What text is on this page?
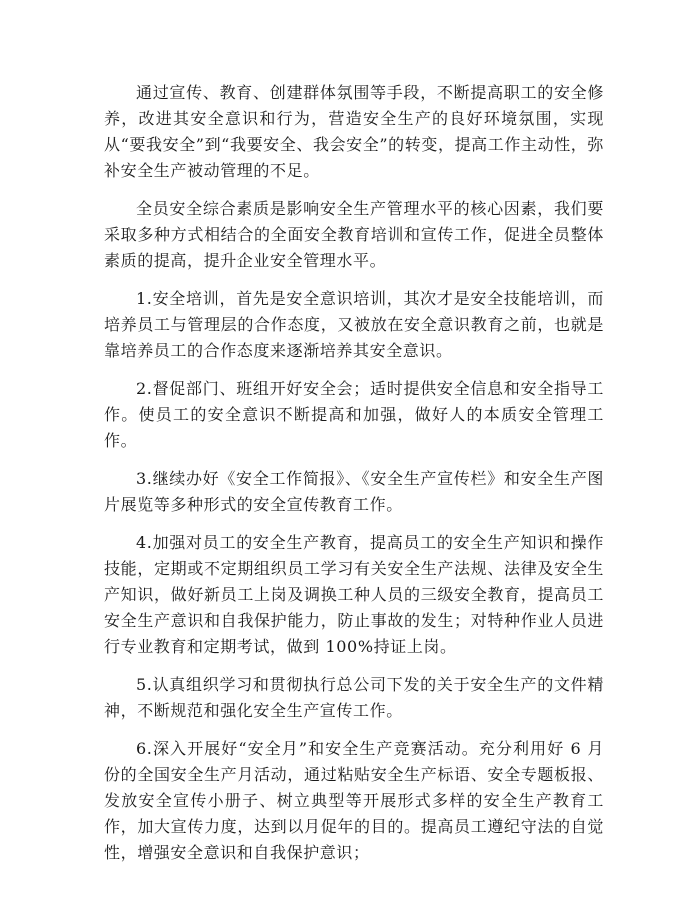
通过宣传、教育、创建群体氛围等手段，不断提高职工的安全修养，改进其安全意识和行为，营造安全生产的良好环境氛围，实现从“要我安全”到“我要安全、我会安全”的转变，提高工作主动性，弥补安全生产被动管理的不足。

全员安全综合素质是影响安全生产管理水平的核心因素，我们要采取多种方式相结合的全面安全教育培训和宣传工作，促进全员整体素质的提高，提升企业安全管理水平。

1.安全培训，首先是安全意识培训，其次才是安全技能培训，而培养员工与管理层的合作态度，又被放在安全意识教育之前，也就是靠培养员工的合作态度来逐渐培养其安全意识。

2.督促部门、班组开好安全会；适时提供安全信息和安全指导工作。使员工的安全意识不断提高和加强，做好人的本质安全管理工作。

3.继续办好《安全工作简报》、《安全生产宣传栏》和安全生产图片展览等多种形式的安全宣传教育工作。

4.加强对员工的安全生产教育，提高员工的安全生产知识和操作技能，定期或不定期组织员工学习有关安全生产法规、法律及安全生产知识，做好新员工上岗及调换工种人员的三级安全教育，提高员工安全生产意识和自我保护能力，防止事故的发生；对特种作业人员进行专业教育和定期考试，做到 100%持证上岗。

5.认真组织学习和贯彻执行总公司下发的关于安全生产的文件精神，不断规范和强化安全生产宣传工作。

6.深入开展好“安全月”和安全生产竞赛活动。充分利用好 6 月份的全国安全生产月活动，通过粘贴安全生产标语、安全专题板报、发放安全宣传小册子、树立典型等开展形式多样的安全生产教育工作，加大宣传力度，达到以月促年的目的。提高员工遵纪守法的自觉性，增强安全意识和自我保护意识；
